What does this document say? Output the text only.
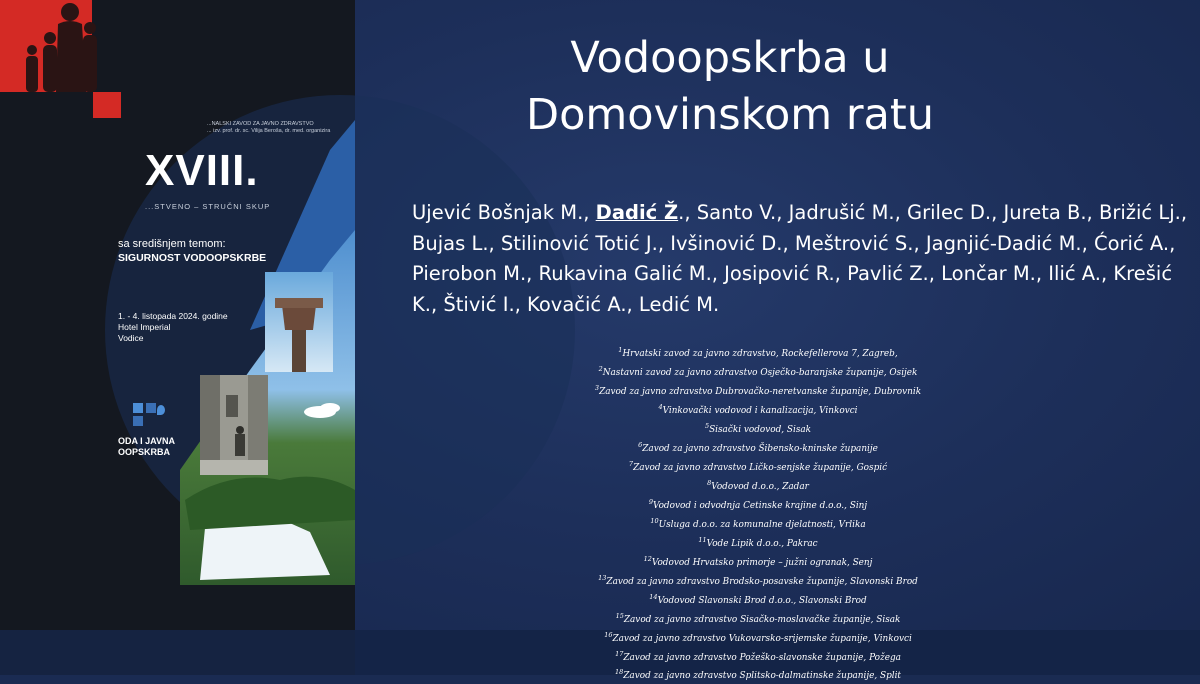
...NALSKI ZAVOD ZA JAVNO ZDRAVSTVO
... izv. prof. dr. sc. Vilija Beroša, dr. med. organizira
XVIII.
...STVENO – STRUČNI SKUP
sa središnjem temom:
SIGURNOST VODOOPSKRBE
1. - 4. listopada 2024. godine
Hotel Imperial
Vodice
ODA I JAVNA
OOPSKRBA
Vodoopskrba u
Domovinskom ratu
Ujević Bošnjak M., Dadić Ž., Santo V., Jadrušić M., Grilec D., Jureta B., Brižić Lj., Bujas L., Stilinović Totić J., Ivšinović D., Meštrović S., Jagnjić-Dadić M., Ćorić A., Pierobon M., Rukavina Galić M., Josipović R., Pavlić Z., Lončar M., Ilić A., Krešić K., Štivić I., Kovačić A., Ledić M.
$^1$Hrvatski zavod za javno zdravstvo, Rockefellerova 7, Zagreb,
$^2$Nastavni zavod za javno zdravstvo Osječko-baranjske županije, Osijek
$^3$Zavod za javno zdravstvo Dubrovačko-neretvanske županije, Dubrovnik
$^4$Vinkovački vodovod i kanalizacija, Vinkovci
$^5$Sisački vodovod, Sisak
$^6$Zavod za javno zdravstvo Šibensko-kninske županije
$^7$Zavod za javno zdravstvo Ličko-senjske županije, Gospić
$^8$Vodovod d.o.o., Zadar
$^9$Vodovod i odvodnja Cetinske krajine d.o.o., Sinj
$^{10}$Usluga d.o.o. za komunalne djelatnosti, Vrlika
$^{11}$Vode Lipik d.o.o., Pakrac
$^{12}$Vodovod Hrvatsko primorje – južni ogranak, Senj
$^{13}$Zavod za javno zdravstvo Brodsko-posavske županije, Slavonski Brod
$^{14}$Vodovod Slavonski Brod d.o.o., Slavonski Brod
$^{15}$Zavod za javno zdravstvo Sisačko-moslavačke županije, Sisak
$^{16}$Zavod za javno zdravstvo Vukovarsko-srijemske županije, Vinkovci
$^{17}$Zavod za javno zdravstvo Požeško-slavonske županije, Požega
$^{18}$Zavod za javno zdravstvo Splitsko-dalmatinske županije, Split
